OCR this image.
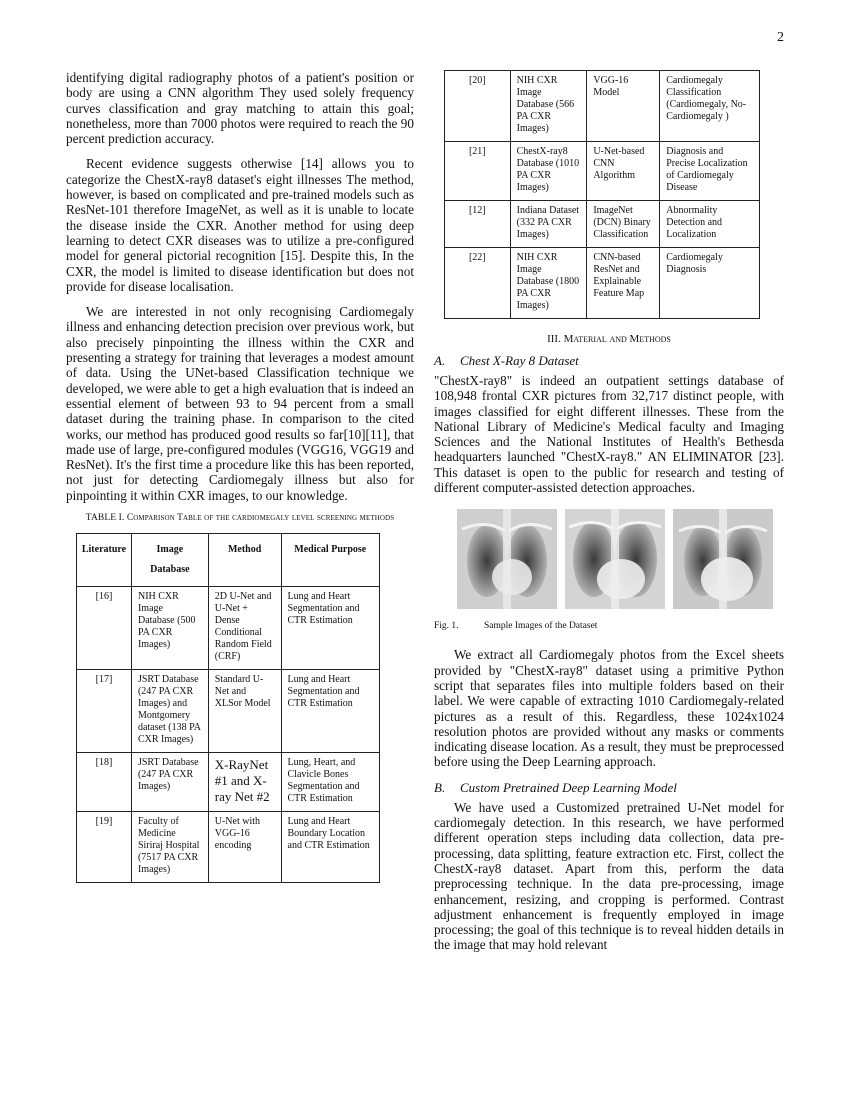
2

identifying digital radiography photos of a patient's position or body are using a CNN algorithm They used solely frequency curves classification and gray matching to attain this goal; nonetheless, more than 7000 photos were required to reach the 90 percent prediction accuracy.

Recent evidence suggests otherwise [14] allows you to categorize the ChestX-ray8 dataset's eight illnesses The method, however, is based on complicated and pre-trained models such as ResNet-101 therefore ImageNet, as well as it is unable to locate the disease inside the CXR. Another method for using deep learning to detect CXR diseases was to utilize a pre-configured model for general pictorial recognition [15]. Despite this, In the CXR, the model is limited to disease identification but does not provide for disease localisation.

We are interested in not only recognising Cardiomegaly illness and enhancing detection precision over previous work, but also precisely pinpointing the illness within the CXR and presenting a strategy for training that leverages a modest amount of data. Using the UNet-based Classification technique we developed, we were able to get a high evaluation that is indeed an essential element of between 93 to 94 percent from a small dataset during the training phase. In comparison to the cited works, our method has produced good results so far[10][11], that made use of large, pre-configured modules (VGG16, VGG19 and ResNet). It's the first time a procedure like this has been reported, not just for detecting Cardiomegaly illness but also for pinpointing it within CXR images, to our knowledge.

TABLE I. Comparison Table of the cardiomegaly level screening methods
Literature	Image Database	Method	Medical Purpose
[16]	NIH CXR Image Database (500 PA CXR Images)	2D U-Net and U-Net + Dense Conditional Random Field (CRF)	Lung and Heart Segmentation and CTR Estimation
[17]	JSRT Database (247 PA CXR Images) and Montgomery dataset (138 PA CXR Images)	Standard U-Net and XLSor Model	Lung and Heart Segmentation and CTR Estimation
[18]	JSRT Database (247 PA CXR Images)	X-RayNet #1 and X-ray Net #2	Lung, Heart, and Clavicle Bones Segmentation and CTR Estimation
[19]	Faculty of Medicine Siriraj Hospital (7517 PA CXR Images)	U-Net with VGG-16 encoding	Lung and Heart Boundary Location and CTR Estimation
[20]	NIH CXR Image Database (566 PA CXR Images)	VGG-16 Model	Cardiomegaly Classification (Cardiomegaly, No-Cardiomegaly )
[21]	ChestX-ray8 Database (1010 PA CXR Images)	U-Net-based CNN Algorithm	Diagnosis and Precise Localization of Cardiomegaly Disease
[12]	Indiana Dataset (332 PA CXR Images)	ImageNet (DCN) Binary Classification	Abnormality Detection and Localization
[22]	NIH CXR Image Database (1800 PA CXR Images)	CNN-based ResNet and Explainable Feature Map	Cardiomegaly Diagnosis
III. Material and Methods
A. Chest X-Ray 8 Dataset

"ChestX-ray8" is indeed an outpatient settings database of 108,948 frontal CXR pictures from 32,717 distinct people, with images classified for eight different illnesses. These from the National Library of Medicine's Medical faculty and Imaging Sciences and the National Institutes of Health's Bethesda headquarters launched "ChestX-ray8." AN ELIMINATOR [23]. This dataset is open to the public for research and testing of different computer-assisted detection approaches.

Fig. 1.	Sample Images of the Dataset

We extract all Cardiomegaly photos from the Excel sheets provided by "ChestX-ray8" dataset using a primitive Python script that separates files into multiple folders based on their label. We were capable of extracting 1010 Cardiomegaly-related pictures as a result of this. Regardless, these 1024x1024 resolution photos are provided without any masks or comments indicating disease location. As a result, they must be preprocessed before using the Deep Learning approach.

B. Custom Pretrained Deep Learning Model

We have used a Customized pretrained U-Net model for cardiomegaly detection. In this research, we have performed different operation steps including data collection, data pre-processing, data splitting, feature extraction etc. First, collect the ChestX-ray8 dataset. Apart from this, perform the data preprocessing technique. In the data pre-processing, image enhancement, resizing, and cropping is performed. Contrast adjustment enhancement is frequently employed in image processing; the goal of this technique is to reveal hidden details in the image that may hold relevant
